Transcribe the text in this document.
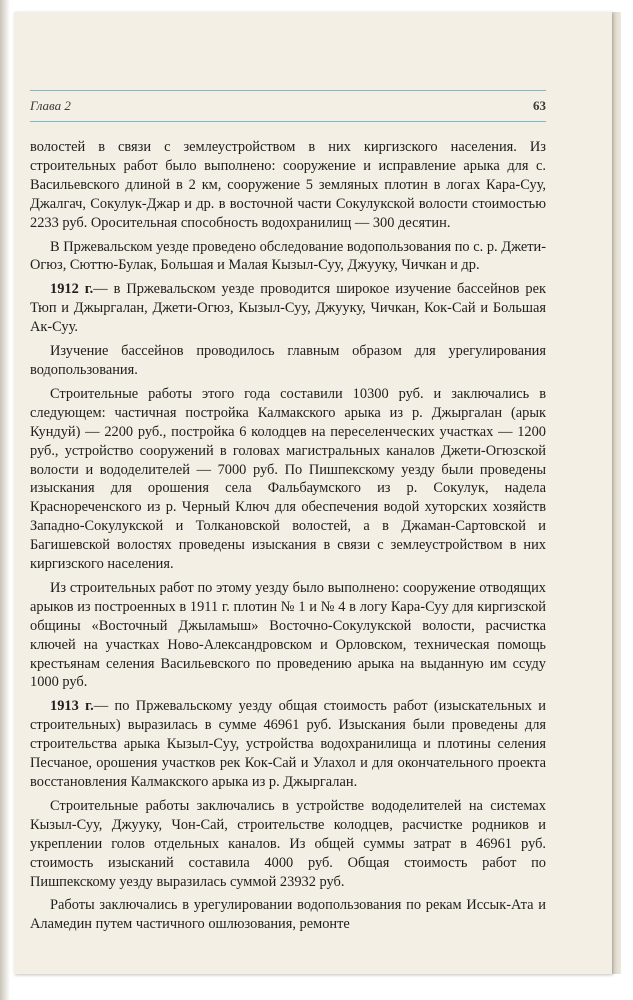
Глава 2	63

волостей в связи с землеустройством в них киргизского населения. Из строительных работ было выполнено: сооружение и исправление арыка для с. Васильевского длиной в 2 км, сооружение 5 земляных плотин в логах Кара-Суу, Джалгач, Сокулук-Джар и др. в восточной части Сокулукской волости стоимостью 2233 руб. Оросительная способность водохранилищ — 300 десятин.

В Пржевальском уезде проведено обследование водопользования по с. р. Джети-Огюз, Сюттю-Булак, Большая и Малая Кызыл-Суу, Джууку, Чичкан и др.

1912 г.— в Пржевальском уезде проводится широкое изучение бассейнов рек Тюп и Джыргалан, Джети-Огюз, Кызыл-Суу, Джууку, Чичкан, Кок-Сай и Большая Ак-Суу.

Изучение бассейнов проводилось главным образом для урегулирования водопользования.

Строительные работы этого года составили 10300 руб. и заключались в следующем: частичная постройка Калмакского арыка из р. Джыргалан (арык Кундуй) — 2200 руб., постройка 6 колодцев на переселенческих участках — 1200 руб., устройство сооружений в головах магистральных каналов Джети-Огюзской волости и вододелителей — 7000 руб. По Пишпекскому уезду были проведены изыскания для орошения села Фальбаумского из р. Сокулук, надела Краснореченского из р. Черный Ключ для обеспечения водой хуторских хозяйств Западно-Сокулукской и Толкановской волостей, а в Джаман-Сартовской и Багишевской волостях проведены изыскания в связи с землеустройством в них киргизского населения.

Из строительных работ по этому уезду было выполнено: сооружение отводящих арыков из построенных в 1911 г. плотин № 1 и № 4 в логу Кара-Суу для киргизской общины «Восточный Джыламыш» Восточно-Сокулукской волости, расчистка ключей на участках Ново-Александровском и Орловском, техническая помощь крестьянам селения Васильевского по проведению арыка на выданную им ссуду 1000 руб.

1913 г.— по Пржевальскому уезду общая стоимость работ (изыскательных и строительных) выразилась в сумме 46961 руб. Изыскания были проведены для строительства арыка Кызыл-Суу, устройства водохранилища и плотины селения Песчаное, орошения участков рек Кок-Сай и Улахол и для окончательного проекта восстановления Калмакского арыка из р. Джыргалан.

Строительные работы заключались в устройстве вододелителей на системах Кызыл-Суу, Джууку, Чон-Сай, строительстве колодцев, расчистке родников и укреплении голов отдельных каналов. Из общей суммы затрат в 46961 руб. стоимость изысканий составила 4000 руб. Общая стоимость работ по Пишпекскому уезду выразилась суммой 23932 руб.

Работы заключались в урегулировании водопользования по рекам Иссык-Ата и Аламедин путем частичного ошлюзования, ремонте
